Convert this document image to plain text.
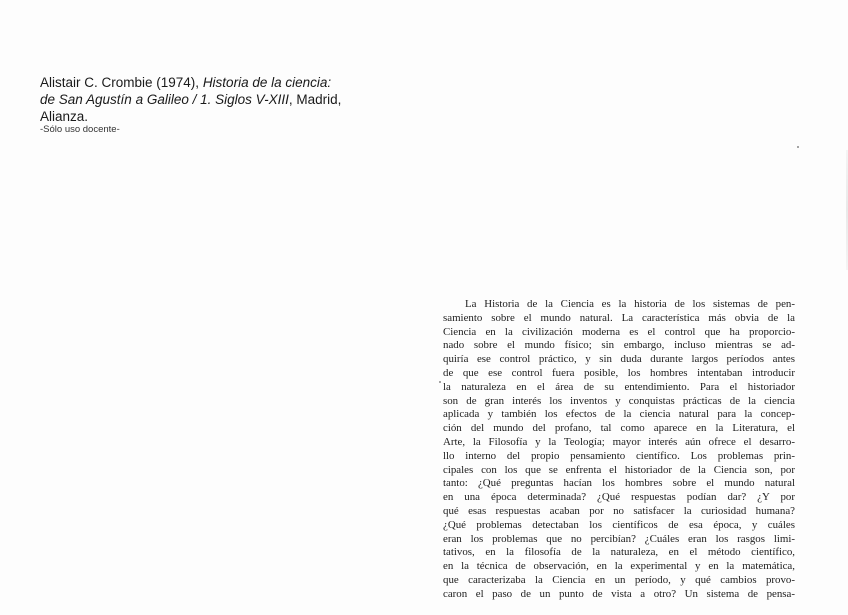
Alistair C. Crombie (1974), Historia de la ciencia:
de San Agustín a Galileo / 1. Siglos V-XIII, Madrid,
Alianza.
-Sólo uso docente-
La Historia de la Ciencia es la historia de los sistemas de pen-
samiento sobre el mundo natural. La característica más obvia de la
Ciencia en la civilización moderna es el control que ha proporcio-
nado sobre el mundo físico; sin embargo, incluso mientras se ad-
quiría ese control práctico, y sin duda durante largos períodos antes
de que ese control fuera posible, los hombres intentaban introducir
la naturaleza en el área de su entendimiento. Para el historiador
son de gran interés los inventos y conquistas prácticas de la ciencia
aplicada y también los efectos de la ciencia natural para la concep-
ción del mundo del profano, tal como aparece en la Literatura, el
Arte, la Filosofía y la Teología; mayor interés aún ofrece el desarro-
llo interno del propio pensamiento científico. Los problemas prin-
cipales con los que se enfrenta el historiador de la Ciencia son, por
tanto: ¿Qué preguntas hacían los hombres sobre el mundo natural
en una época determinada? ¿Qué respuestas podían dar? ¿Y por
qué esas respuestas acaban por no satisfacer la curiosidad humana?
¿Qué problemas detectaban los científicos de esa época, y cuáles
eran los problemas que no percibían? ¿Cuáles eran los rasgos limi-
tativos, en la filosofía de la naturaleza, en el método científico,
en la técnica de observación, en la experimental y en la matemática,
que caracterizaba la Ciencia en un período, y qué cambios provo-
caron el paso de un punto de vista a otro? Un sistema de pensa-
